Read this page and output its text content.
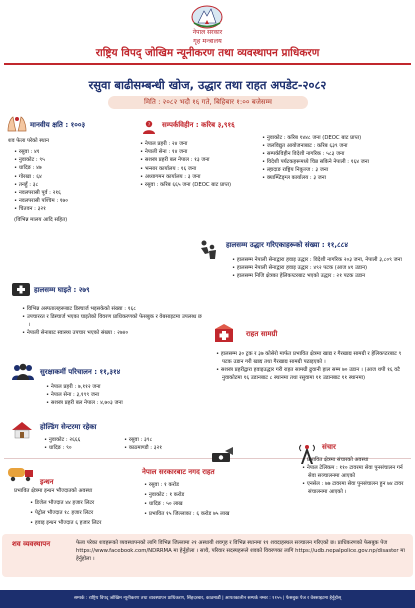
नेपाल सरकार
गृह मन्त्रालय
राष्ट्रिय विपद् जोखिम न्यूनीकरण तथा व्यवस्थापन प्राधिकरण
रसुवा बाढीसम्बन्धी खोज, उद्धार तथा राहत अपडेट-२०८२
मिति : २०८२ भदौ १६ गते, बिहिबार १:०० बजेसम्म
मानवीय क्षति : १००३
शव फेला परेको स्थान
• रसुवा : ४१
• नुवाकोट : ९५
• धादिङ : ४७
• गोरखा : ६४
• तनहुँ : ३८
• नवलपरासी पूर्व : २१६
• नवलपरासी पश्चिम : १७०
• चितवन : ३२१
(विभिन्न मालय आदि सहित)
? सम्पर्कविहीन : करिब ३,९१६
• नेपाल प्रहरी : २४ जना
• नेपाली सेना : १४ जना
• सशस्त्र प्रहरी बल नेपाल : १३ जना
• भन्सार कार्यालय : १६ जना
• अध्यागमन कार्यालय : ३ जना

• रसुवा : करिब ६६५ जना (DEOC बाट प्राप्त)

• नुवाकोट : करिब १४४८ जना (DEOC बाट प्राप्त)

• जलविद्युत आयोजनाबाट : करिब ६३९ जना

• सम्पर्कविहीन विदेशी नागरिक : ५८३ जना

• विदेशी पर्यटकहरूमध्ये चिन्न सकिने नेपाली : १६४ जना

• ल्हादाङ राष्ट्रिय निकुञ्ज : ३ जना

• क्याम्प्टिङ्ग्ल कार्यालय : ३ जना

हालसम्म उद्धार गरिएकाहरूको संख्या : ११,८८४

• हालसम्म नेपाली सेनाद्वारा हवाइ उद्धार : विदेशी नागरिक २०३ जना, नेपाली ३,८०९ जना

• हालसम्म नेपाली सेनाद्वारा हवाइ उद्धार : ४९२ पटक (आज ४१ उडान)

• हालसम्म निजि क्षेत्रका हेलिकप्टरबाट भएको उद्धार : २१ पटक उडान

हालसम्म घाइते : २७९

• विभिन्न अस्पतालहरूबाट डिस्चार्ज भइसकेको संख्या : १६८

• उपचाररत र डिस्चार्ज भएका घाइतेको विवरण प्राधिकरणको फेसबुक र वेबसाइटमा उपलब्ध छ ।

• नेपाली सेनाबाट स्वास्थ्य उपचार भएको संख्या : २७४०	राहत सामग्री

• हालसम्म ३० ट्रक र ३७ कोसेरो मार्फत प्रभावित क्षेत्रमा खाद्य र गैरखाद्य सामग्री र हेलिकप्टरबाट ९ पटक उडान गरी खाद्य तथा गैरखाद्य सामग्री पठाइएको ।

• सशस्त्र प्रहरीद्वारा हवाइउद्धार गरी राहत सामग्री ढुवानी हाल सम्म ७० उडान । (आज थपी १६ वटै नुवाकोटमा १६ उडानबाट ८ स्थानमा तथा रसुवामा ११ उडानबाट ११ स्थानमा)

सुरक्षाकर्मी परिचालन : ११,३१४
• नेपाल प्रहरी : ७,११२ जना
• नेपाल सेना : ३,१९९ जना
• सशस्त्र प्रहरी बल नेपाल : ४,७०३ जना
होल्डिंग सेन्टरमा रहेका
• नुवाकोट : २६६६
• धादिङ : ९०
• रसुवा : ३९८
• काठमाण्डौ : ३२१
इन्धन
प्रभावित क्षेत्रमा इन्धन भौज्दातको अवस्था
• डिजेल भौज्दात ४४ हजार लिटर
• पेट्रोल भौज्दात १८ हजार लिटर
• हवाइ इन्धन भौज्दात ६ हजार लिटर
नेपाल सरकारबाट नगद राहत
• रसुवा : १ करोड
• नुवाकोट : १ करोड
• धादिङ : ५० लाख
• प्रभावित १५ जिल्लाका : ६ करोड ७५ लाख
संचार

• प्रभावित क्षेत्रमा संचारको अवस्था

• नेपाल टेलिकम : ११० टावरमा सेवा पुनसंचालन गर्न सेवा सञ्चालनमा आएको

• एनसेल : ७७ टावरमा सेवा पुनसंचालन हुन ७४ टावर संचालनमा आएको ।

शव व्यवस्थापन	फेला परेका शवहरूको व्यवस्थापनको लागि विभिन्न जिल्लामा २१ अस्थायी शवगृह र विभिन्न स्थानमा ११ शवदाहस्थल सञ्चालन गरिएको छ। प्राधिकरणको फेसबुक पेज https://www.facebook.com/NDRRMA मा हेर्नुहोला । साथै, परिवार सदस्यहरूले शवको विवरणका लागि https://udb.nepalpolice.gov.np/disaster मा हेर्नुहोला ।
सम्पर्क : राष्ट्रिय विपद् जोखिम न्यूनीकरण तथा व्यवस्थापन प्राधिकरण, सिंहदरबार, काठमाडौं | आपतकालीन सम्पर्क नम्बर : ११५५ | फेसबुक पेज र वेबसाइटमा हेर्नुहोस्
